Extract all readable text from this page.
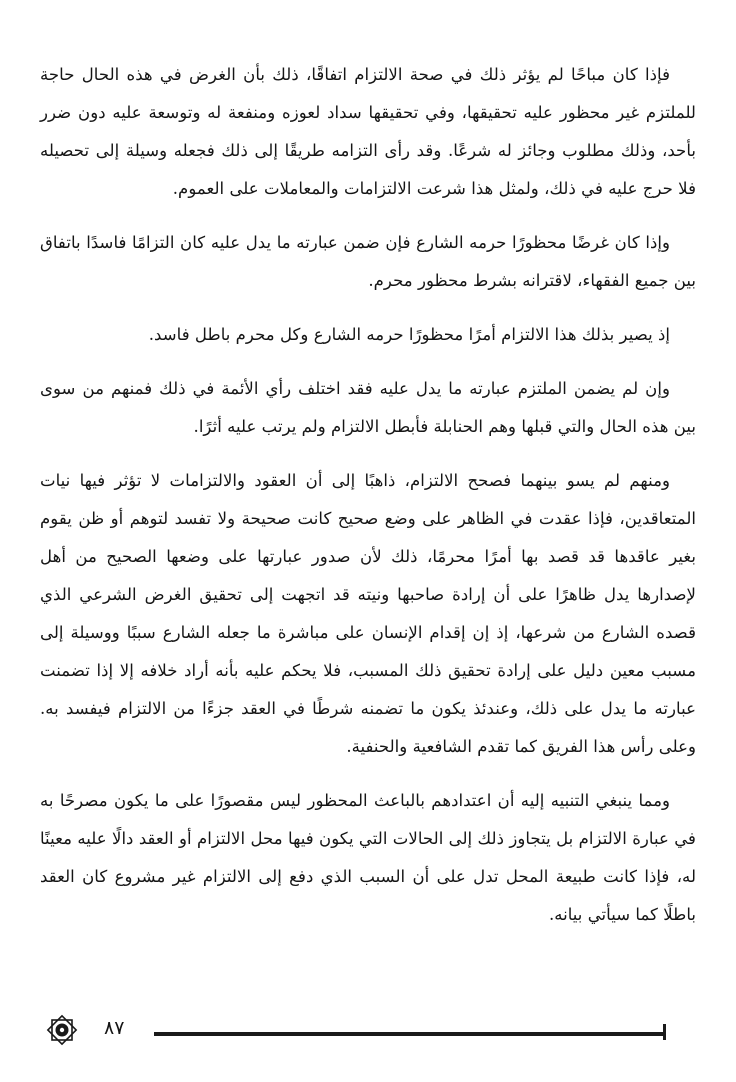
فإذا كان مباحًا لم يؤثر ذلك في صحة الالتزام اتفاقًا، ذلك بأن الغرض في هذه الحال حاجة للملتزم غير محظور عليه تحقيقها، وفي تحقيقها سداد لعوزه ومنفعة له وتوسعة عليه دون ضرر بأحد، وذلك مطلوب وجائز له شرعًا. وقد رأى التزامه طريقًا إلى ذلك فجعله وسيلة إلى تحصيله فلا حرج عليه في ذلك، ولمثل هذا شرعت الالتزامات والمعاملات على العموم.

وإذا كان غرضًا محظورًا حرمه الشارع فإن ضمن عبارته ما يدل عليه كان التزامًا فاسدًا باتفاق بين جميع الفقهاء، لاقترانه بشرط محظور محرم.

إذ يصير بذلك هذا الالتزام أمرًا محظورًا حرمه الشارع وكل محرم باطل فاسد.

وإن لم يضمن الملتزم عبارته ما يدل عليه فقد اختلف رأي الأئمة في ذلك فمنهم من سوى بين هذه الحال والتي قبلها وهم الحنابلة فأبطل الالتزام ولم يرتب عليه أثرًا.

ومنهم لم يسو بينهما فصحح الالتزام، ذاهبًا إلى أن العقود والالتزامات لا تؤثر فيها نيات المتعاقدين، فإذا عقدت في الظاهر على وضع صحيح كانت صحيحة ولا تفسد لتوهم أو ظن يقوم بغير عاقدها قد قصد بها أمرًا محرمًا، ذلك لأن صدور عبارتها على وضعها الصحيح من أهل لإصدارها يدل ظاهرًا على أن إرادة صاحبها ونيته قد اتجهت إلى تحقيق الغرض الشرعي الذي قصده الشارع من شرعها، إذ إن إقدام الإنسان على مباشرة ما جعله الشارع سببًا ووسيلة إلى مسبب معين دليل على إرادة تحقيق ذلك المسبب، فلا يحكم عليه بأنه أراد خلافه إلا إذا تضمنت عبارته ما يدل على ذلك، وعندئذ يكون ما تضمنه شرطًا في العقد جزءًا من الالتزام فيفسد به. وعلى رأس هذا الفريق كما تقدم الشافعية والحنفية.

ومما ينبغي التنبيه إليه أن اعتدادهم بالباعث المحظور ليس مقصورًا على ما يكون مصرحًا به في عبارة الالتزام بل يتجاوز ذلك إلى الحالات التي يكون فيها محل الالتزام أو العقد دالًا عليه معينًا له، فإذا كانت طبيعة المحل تدل على أن السبب الذي دفع إلى الالتزام غير مشروع كان العقد باطلًا كما سيأتي بيانه.

٨٧
